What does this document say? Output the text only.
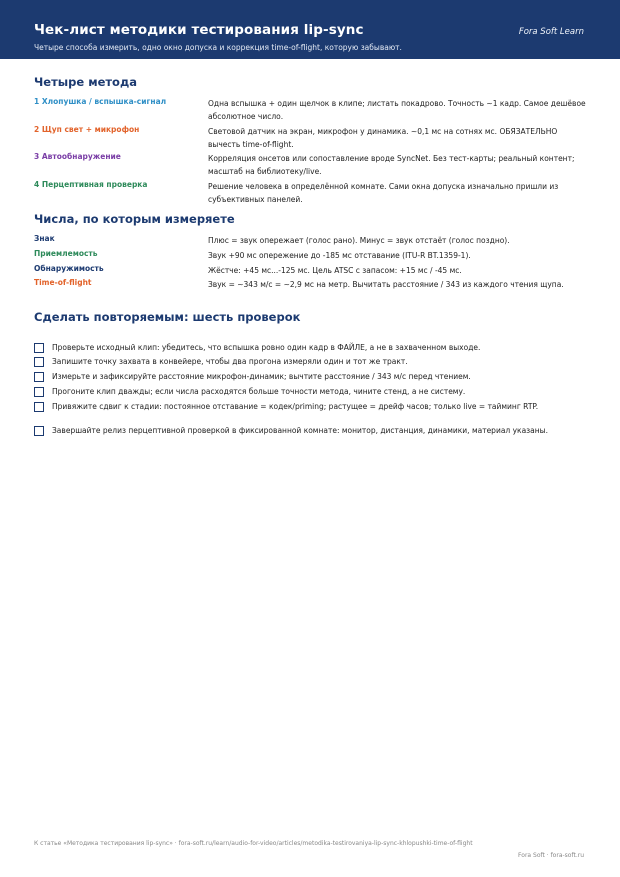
Чек-лист методики тестирования lip-sync
Четыре способа измерить, одно окно допуска и коррекция time-of-flight, которую забывают.
Fora Soft Learn
Четыре метода
1 Хлопушка / вспышка-сигнал	Одна вспышка + один щелчок в клипе; листать покадрово. Точность ~1 кадр. Самое дешёвое абсолютное число.
2 Щуп свет + микрофон	Световой датчик на экран, микрофон у динамика. ~0,1 мс на сотнях мс. ОБЯЗАТЕЛЬНО вычесть time-of-flight.
3 Автообнаружение	Корреляция онсетов или сопоставление вроде SyncNet. Без тест-карты; реальный контент; масштаб на библиотеку/live.
4 Перцептивная проверка	Решение человека в определённой комнате. Сами окна допуска изначально пришли из субъективных панелей.
Числа, по которым измеряете
Знак	Плюс = звук опережает (голос рано). Минус = звук отстаёт (голос поздно).
Приемлемость	Звук +90 мс опережение до -185 мс отставание (ITU-R BT.1359-1).
Обнаружимость	Жёстче: +45 мс...-125 мс. Цель ATSC с запасом: +15 мс / -45 мс.
Time-of-flight	Звук = ~343 м/с = ~2,9 мс на метр. Вычитать расстояние / 343 из каждого чтения щупа.
Сделать повторяемым: шесть проверок
Проверьте исходный клип: убедитесь, что вспышка ровно один кадр в ФАЙЛЕ, а не в захваченном выходе.
Запишите точку захвата в конвейере, чтобы два прогона измеряли один и тот же тракт.
Измерьте и зафиксируйте расстояние микрофон-динамик; вычтите расстояние / 343 м/с перед чтением.
Прогоните клип дважды; если числа расходятся больше точности метода, чините стенд, а не систему.
Привяжите сдвиг к стадии: постоянное отставание = кодек/priming; растущее = дрейф часов; только live = тайминг RTP.
Завершайте релиз перцептивной проверкой в фиксированной комнате: монитор, дистанция, динамики, материал указаны.
К статье «Методика тестирования lip-sync» · fora-soft.ru/learn/audio-for-video/articles/metodika-testirovaniya-lip-sync-khlopushki-time-of-flight
Fora Soft · fora-soft.ru
